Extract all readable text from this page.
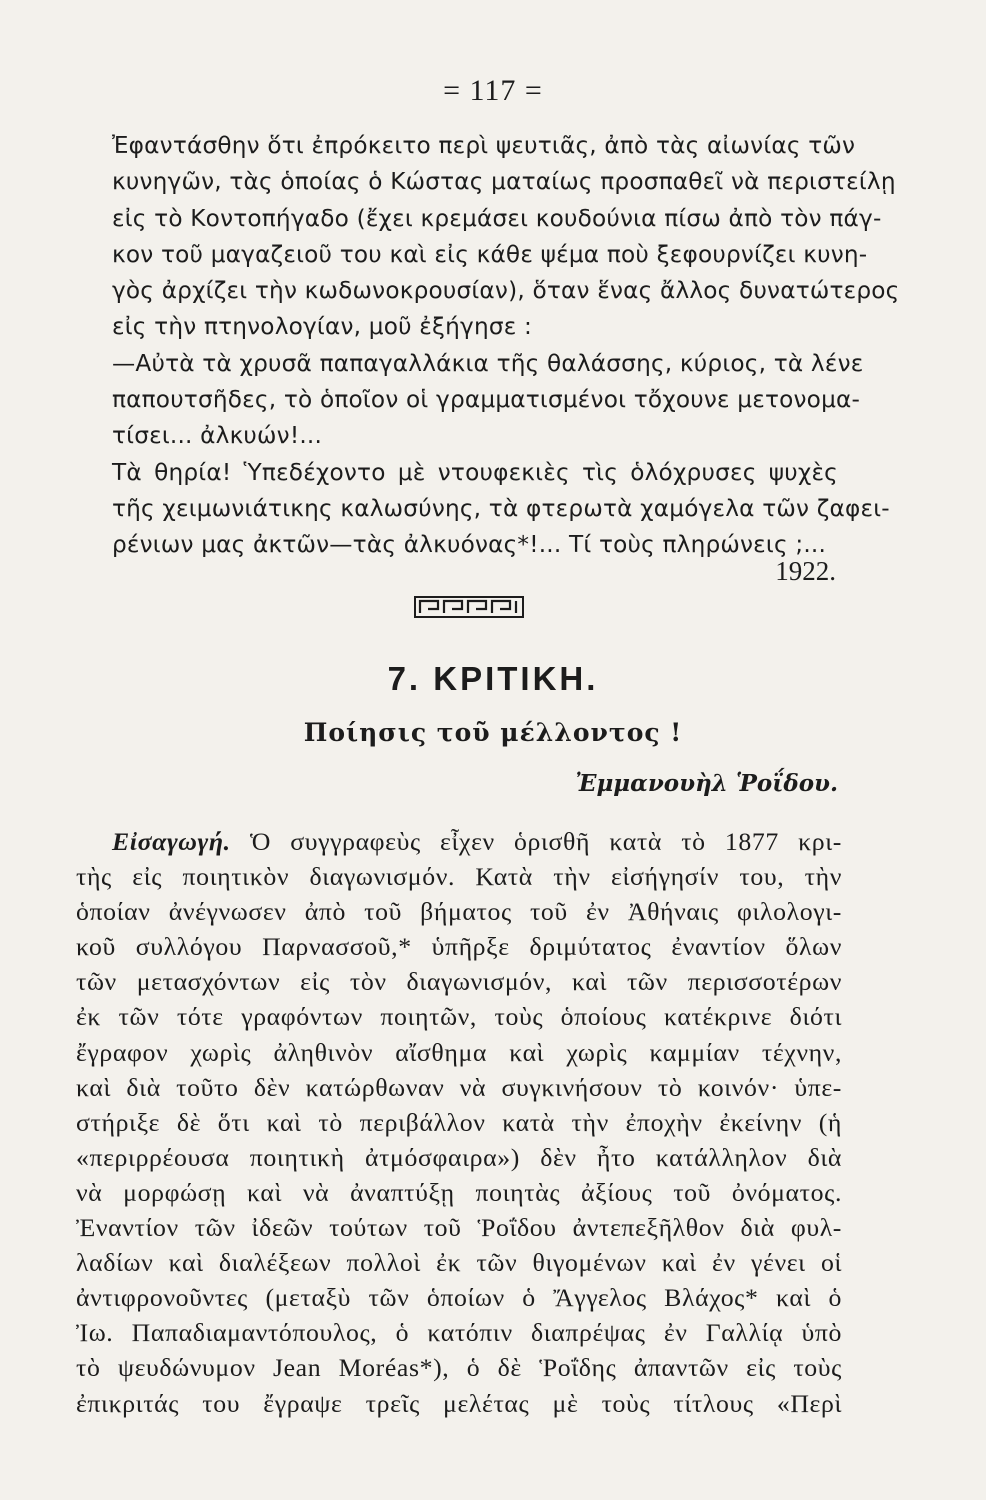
= 117 =

Ἐφαντάσθην ὅτι ἐπρόκειτο περὶ ψευτιᾶς, ἀπὸ τὰς αἰωνίας τῶν
κυνηγῶν, τὰς ὁποίας ὁ Κώστας ματαίως προσπαθεῖ νὰ περιστείλῃ
εἰς τὸ Κοντοπήγαδο (ἔχει κρεμάσει κουδούνια πίσω ἀπὸ τὸν πάγ-
κον τοῦ μαγαζειοῦ του καὶ εἰς κάθε ψέμα ποὺ ξεφουρνίζει κυνη-
γὸς ἀρχίζει τὴν κωδωνοκρουσίαν), ὅταν ἕνας ἄλλος δυνατώτερος
εἰς τὴν πτηνολογίαν, μοῦ ἐξήγησε :

—Αὐτὰ τὰ χρυσᾶ παπαγαλλάκια τῆς θαλάσσης, κύριος, τὰ λένε
παπουτσῆδες, τὸ ὁποῖον οἱ γραμματισμένοι τὄχουνε μετονομα-
τίσει... ἀλκυών!...

Τὰ θηρία! Ὑπεδέχοντο μὲ ντουφεκιὲς τὶς ὁλόχρυσες ψυχὲς
τῆς χειμωνιάτικης καλωσύνης, τὰ φτερωτὰ χαμόγελα τῶν ζαφει-
ρένιων μας ἀκτῶν—τὰς ἀλκυόνας*!... Τί τοὺς πληρώνεις ;...

1922.
7. ΚΡΙΤΙΚΗ.
Ποίησις τοῦ μέλλοντος !
Ἐμμανουὴλ Ῥοΐδου.

Εἰσαγωγή. Ὁ συγγραφεὺς εἶχεν ὁρισθῆ κατὰ τὸ 1877 κρι-
τὴς εἰς ποιητικὸν διαγωνισμόν. Κατὰ τὴν εἰσήγησίν του, τὴν
ὁποίαν ἀνέγνωσεν ἀπὸ τοῦ βήματος τοῦ ἐν Ἀθήναις φιλολογι-
κοῦ συλλόγου Παρνασσοῦ,* ὑπῆρξε δριμύτατος ἐναντίον ὅλων
τῶν μετασχόντων εἰς τὸν διαγωνισμόν, καὶ τῶν περισσοτέρων
ἐκ τῶν τότε γραφόντων ποιητῶν, τοὺς ὁποίους κατέκρινε διότι
ἔγραφον χωρὶς ἀληθινὸν αἴσθημα καὶ χωρὶς καμμίαν τέχνην,
καὶ διὰ τοῦτο δὲν κατώρθωναν νὰ συγκινήσουν τὸ κοινόν· ὑπε-
στήριξε δὲ ὅτι καὶ τὸ περιβάλλον κατὰ τὴν ἐποχὴν ἐκείνην (ἡ
«περιρρέουσα ποιητικὴ ἀτμόσφαιρα») δὲν ἦτο κατάλληλον διὰ
νὰ μορφώσῃ καὶ νὰ ἀναπτύξῃ ποιητὰς ἀξίους τοῦ ὀνόματος.
Ἐναντίον τῶν ἰδεῶν τούτων τοῦ Ῥοΐδου ἀντεπεξῆλθον διὰ φυλ-
λαδίων καὶ διαλέξεων πολλοὶ ἐκ τῶν θιγομένων καὶ ἐν γένει οἱ
ἀντιφρονοῦντες (μεταξὺ τῶν ὁποίων ὁ Ἄγγελος Βλάχος* καὶ ὁ
Ἰω. Παπαδιαμαντόπουλος, ὁ κατόπιν διαπρέψας ἐν Γαλλίᾳ ὑπὸ
τὸ ψευδώνυμον Jean Moréas*), ὁ δὲ Ῥοΐδης ἀπαντῶν εἰς τοὺς
ἐπικριτάς του ἔγραψε τρεῖς μελέτας μὲ τοὺς τίτλους «Περὶ
